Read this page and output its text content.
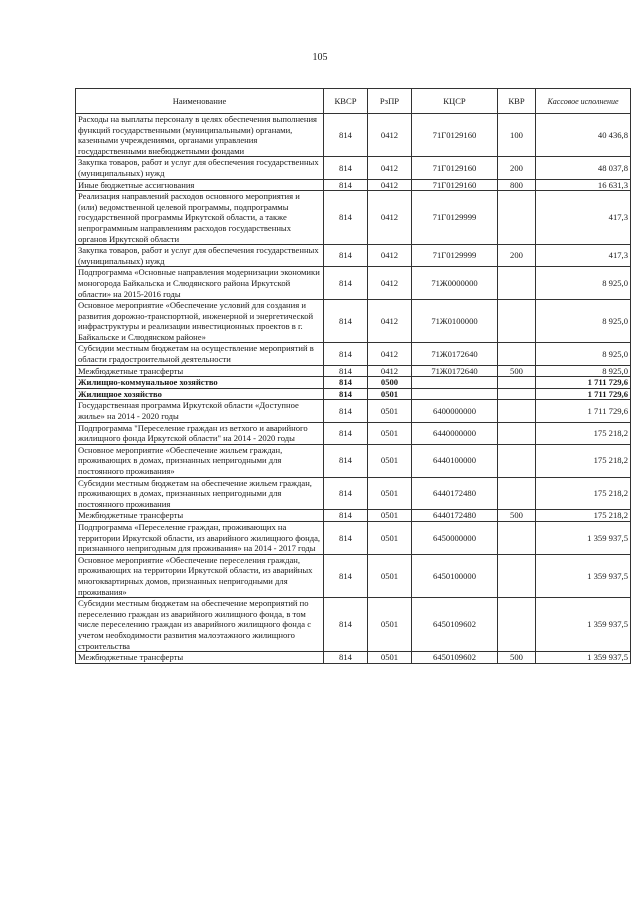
105
Наименование	КВСР	РзПР	КЦСР	КВР	Кассовое исполнение
Расходы на выплаты персоналу в целях обеспечения выполнения функций государственными (муниципальными) органами, казенными учреждениями, органами управления государственными внебюджетными фондами	814	0412	71Г0129160	100	40 436,8
Закупка товаров, работ и услуг для обеспечения государственных (муниципальных) нужд	814	0412	71Г0129160	200	48 037,8
Иные бюджетные ассигнования	814	0412	71Г0129160	800	16 631,3
Реализация направлений расходов основного мероприятия и (или) ведомственной целевой программы, подпрограммы государственной программы Иркутской области, а также непрограммным направлениям расходов государственных органов Иркутской области	814	0412	71Г0129999		417,3
Закупка товаров, работ и услуг для обеспечения государственных (муниципальных) нужд	814	0412	71Г0129999	200	417,3
Подпрограмма «Основные направления модернизации экономики моногорода Байкальска и Слюдянского района Иркутской области» на 2015-2016 годы	814	0412	71Ж0000000		8 925,0
Основное мероприятие «Обеспечение условий для создания и развития дорожно-транспортной, инженерной и энергетической инфраструктуры и реализации инвестиционных проектов в г. Байкальске и Слюдянском районе»	814	0412	71Ж0100000		8 925,0
Субсидии местным бюджетам на осуществление мероприятий в области градостроительной деятельности	814	0412	71Ж0172640		8 925,0
Межбюджетные трансферты	814	0412	71Ж0172640	500	8 925,0
Жилищно-коммунальное хозяйство	814	0500			1 711 729,6
Жилищное хозяйство	814	0501			1 711 729,6
Государственная программа Иркутской области «Доступное жилье» на 2014 - 2020 годы	814	0501	6400000000		1 711 729,6
Подпрограмма "Переселение граждан из ветхого и аварийного жилищного фонда Иркутской области" на 2014 - 2020 годы	814	0501	6440000000		175 218,2
Основное мероприятие «Обеспечение жильем граждан, проживающих в домах, признанных непригодными для постоянного проживания»	814	0501	6440100000		175 218,2
Субсидии местным бюджетам на обеспечение жильем граждан, проживающих в домах, признанных непригодными для постоянного проживания	814	0501	6440172480		175 218,2
Межбюджетные трансферты	814	0501	6440172480	500	175 218,2
Подпрограмма «Переселение граждан, проживающих на территории Иркутской области, из аварийного жилищного фонда, признанного непригодным для проживания» на 2014 - 2017 годы	814	0501	6450000000		1 359 937,5
Основное мероприятие «Обеспечение переселения граждан, проживающих на территории Иркутской области, из аварийных многоквартирных домов, признанных непригодными для проживания»	814	0501	6450100000		1 359 937,5
Субсидии местным бюджетам на обеспечение мероприятий по переселению граждан из аварийного жилищного фонда, в том числе переселению граждан из аварийного жилищного фонда с учетом необходимости развития малоэтажного жилищного строительства	814	0501	6450109602		1 359 937,5
Межбюджетные трансферты	814	0501	6450109602	500	1 359 937,5
